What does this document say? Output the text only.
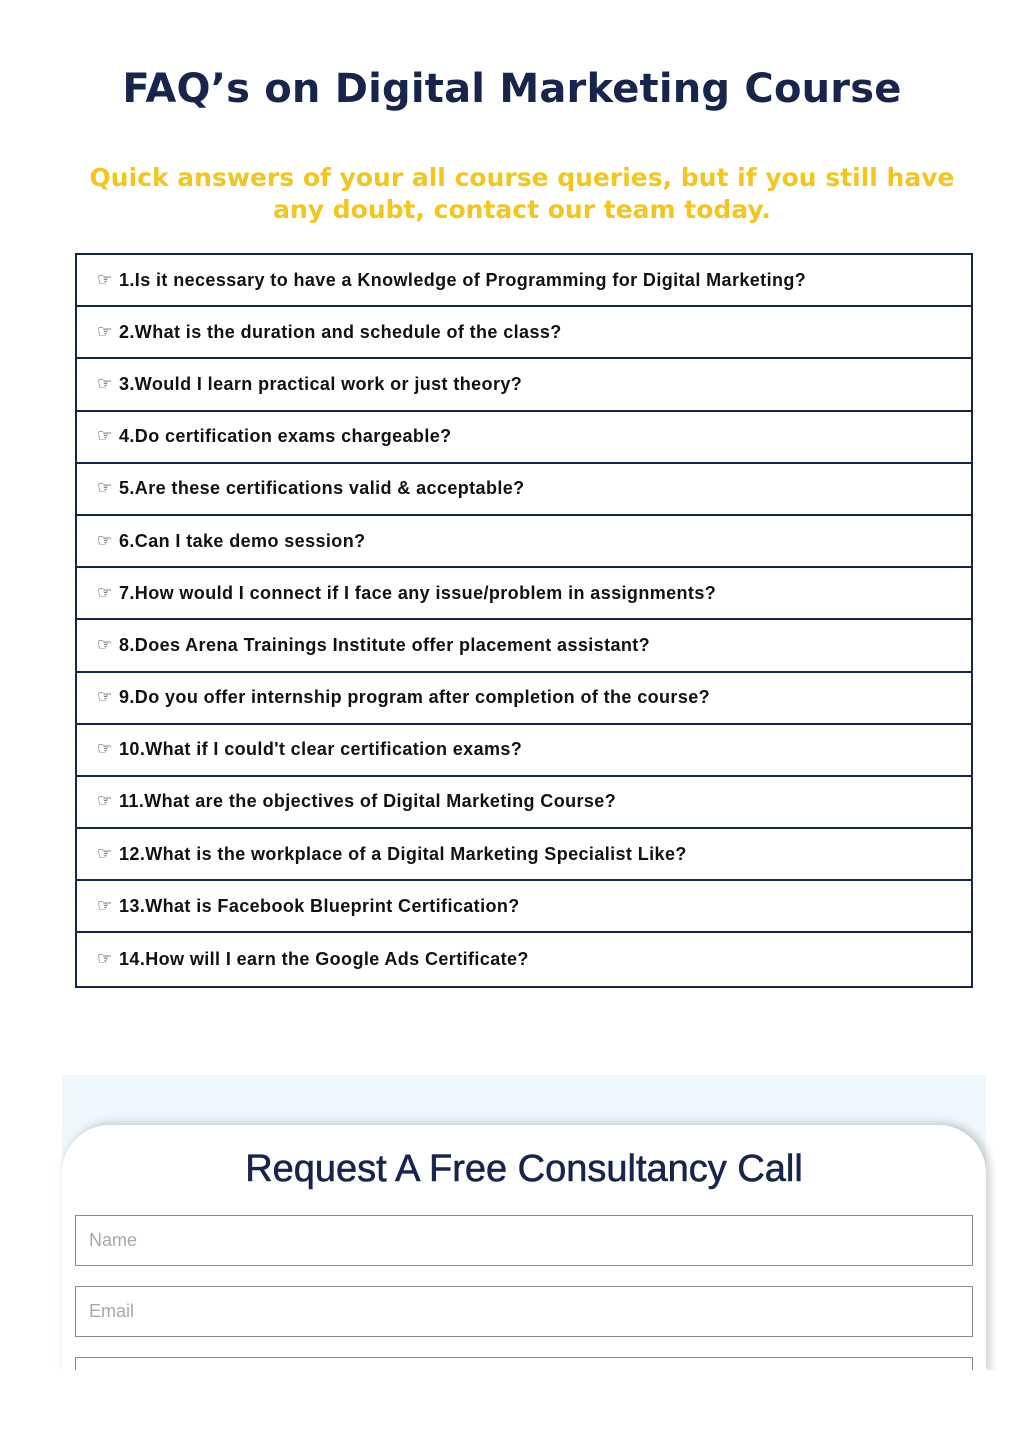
FAQ’s on Digital Marketing Course

Quick answers of your all course queries, but if you still have any doubt, contact our team today.

☞ 1.Is it necessary to have a Knowledge of Programming for Digital Marketing?
☞ 2.What is the duration and schedule of the class?
☞ 3.Would I learn practical work or just theory?
☞ 4.Do certification exams chargeable?
☞ 5.Are these certifications valid & acceptable?
☞ 6.Can I take demo session?
☞ 7.How would I connect if I face any issue/problem in assignments?
☞ 8.Does Arena Trainings Institute offer placement assistant?
☞ 9.Do you offer internship program after completion of the course?
☞ 10.What if I could't clear certification exams?
☞ 11.What are the objectives of Digital Marketing Course?
☞ 12.What is the workplace of a Digital Marketing Specialist Like?
☞ 13.What is Facebook Blueprint Certification?
☞ 14.How will I earn the Google Ads Certificate?
Request A Free Consultancy Call
Name
Email
